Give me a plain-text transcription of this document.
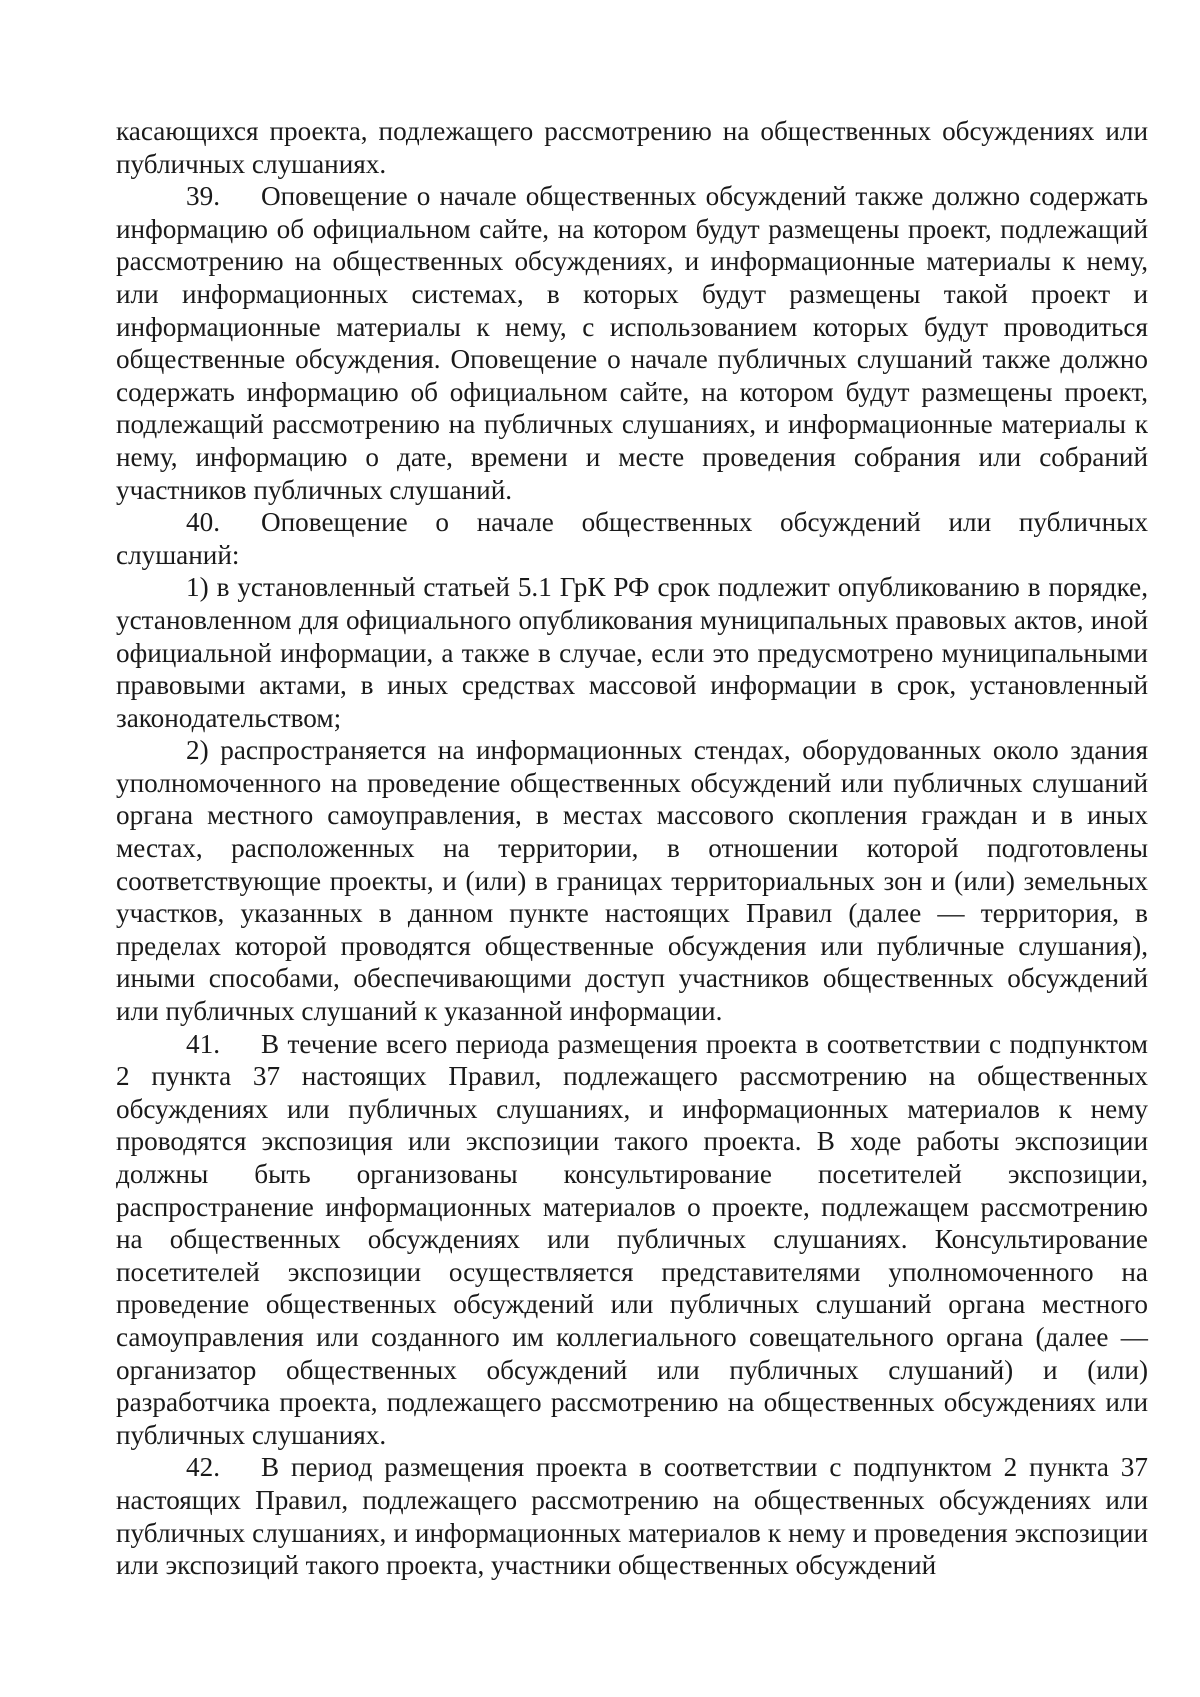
касающихся проекта, подлежащего рассмотрению на общественных обсуждениях или публичных слушаниях.

39. Оповещение о начале общественных обсуждений также должно содержать информацию об официальном сайте, на котором будут размещены проект, подлежащий рассмотрению на общественных обсуждениях, и информационные материалы к нему, или информационных системах, в которых будут размещены такой проект и информационные материалы к нему, с использованием которых будут проводиться общественные обсуждения. Оповещение о начале публичных слушаний также должно содержать информацию об официальном сайте, на котором будут размещены проект, подлежащий рассмотрению на публичных слушаниях, и информационные материалы к нему, информацию о дате, времени и месте проведения собрания или собраний участников публичных слушаний.

40. Оповещение о начале общественных обсуждений или публичных слушаний:

1) в установленный статьей 5.1 ГрК РФ срок подлежит опубликованию в порядке, установленном для официального опубликования муниципальных правовых актов, иной официальной информации, а также в случае, если это предусмотрено муниципальными правовыми актами, в иных средствах массовой информации в срок, установленный законодательством;

2) распространяется на информационных стендах, оборудованных около здания уполномоченного на проведение общественных обсуждений или публичных слушаний органа местного самоуправления, в местах массового скопления граждан и в иных местах, расположенных на территории, в отношении которой подготовлены соответствующие проекты, и (или) в границах территориальных зон и (или) земельных участков, указанных в данном пункте настоящих Правил (далее — территория, в пределах которой проводятся общественные обсуждения или публичные слушания), иными способами, обеспечивающими доступ участников общественных обсуждений или публичных слушаний к указанной информации.

41. В течение всего периода размещения проекта в соответствии с подпунктом 2 пункта 37 настоящих Правил, подлежащего рассмотрению на общественных обсуждениях или публичных слушаниях, и информационных материалов к нему проводятся экспозиция или экспозиции такого проекта. В ходе работы экспозиции должны быть организованы консультирование посетителей экспозиции, распространение информационных материалов о проекте, подлежащем рассмотрению на общественных обсуждениях или публичных слушаниях. Консультирование посетителей экспозиции осуществляется представителями уполномоченного на проведение общественных обсуждений или публичных слушаний органа местного самоуправления или созданного им коллегиального совещательного органа (далее — организатор общественных обсуждений или публичных слушаний) и (или) разработчика проекта, подлежащего рассмотрению на общественных обсуждениях или публичных слушаниях.

42. В период размещения проекта в соответствии с подпунктом 2 пункта 37 настоящих Правил, подлежащего рассмотрению на общественных обсуждениях или публичных слушаниях, и информационных материалов к нему и проведения экспозиции или экспозиций такого проекта, участники общественных обсуждений
